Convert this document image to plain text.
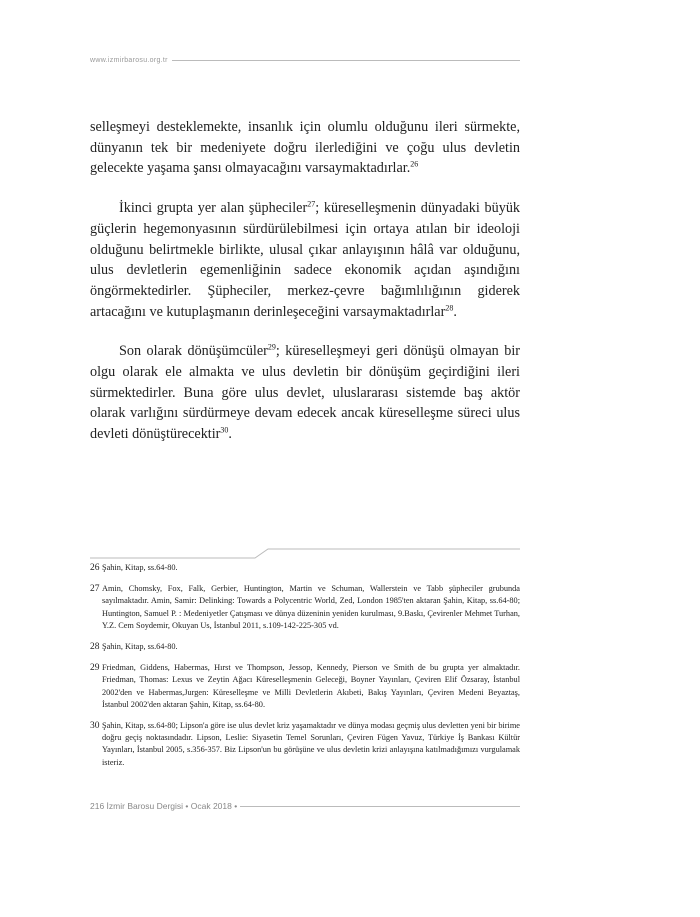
www.izmirbarosu.org.tr

selleşmeyi desteklemekte, insanlık için olumlu olduğunu ileri sürmekte, dünyanın tek bir medeniyete doğru ilerlediğini ve çoğu ulus devletin gelecekte yaşama şansı olmayacağını varsaymaktadırlar.$^{26}$

İkinci grupta yer alan şüpheciler$^{27}$; küreselleşmenin dünyadaki büyük güçlerin hegemonyasının sürdürülebilmesi için ortaya atılan bir ideoloji olduğunu belirtmekle birlikte, ulusal çıkar anlayışının hâlâ var olduğunu, ulus devletlerin egemenliğinin sadece ekonomik açıdan aşındığını öngörmektedirler. Şüpheciler, merkez-çevre bağımlılığının giderek artacağını ve kutuplaşmanın derinleşeceğini varsaymaktadırlar$^{28}$.

Son olarak dönüşümcüler$^{29}$; küreselleşmeyi geri dönüşü olmayan bir olgu olarak ele almakta ve ulus devletin bir dönüşüm geçirdiğini ileri sürmektedirler. Buna göre ulus devlet, uluslararası sistemde baş aktör olarak varlığını sürdürmeye devam edecek ancak küreselleşme süreci ulus devleti dönüştürecektir$^{30}$.

26 Şahin, Kitap, ss.64-80.
27 Amin, Chomsky, Fox, Falk, Gerbier, Huntington, Martin ve Schuman, Wallerstein ve Tabb şüpheciler grubunda sayılmaktadır. Amin, Samir: Delinking: Towards a Polycentric World, Zed, London 1985'ten aktaran Şahin, Kitap, ss.64-80; Huntington, Samuel P. : Medeniyetler Çatışması ve dünya düzeninin yeniden kurulması, 9.Baskı, Çevirenler Mehmet Turhan, Y.Z. Cem Soydemir, Okuyan Us, İstanbul 2011, s.109-142-225-305 vd.
28 Şahin, Kitap, ss.64-80.
29 Friedman, Giddens, Habermas, Hırst ve Thompson, Jessop, Kennedy, Pierson ve Smith de bu grupta yer almaktadır. Friedman, Thomas: Lexus ve Zeytin Ağacı Küreselleşmenin Geleceği, Boyner Yayınları, Çeviren Elif Özsaray, İstanbul 2002'den ve Habermas,Jurgen: Küreselleşme ve Milli Devletlerin Akıbeti, Bakış Yayınları, Çeviren Medeni Beyaztaş, İstanbul 2002'den aktaran Şahin, Kitap, ss.64-80.
30 Şahin, Kitap, ss.64-80; Lipson'a göre ise ulus devlet kriz yaşamaktadır ve dünya modası geçmiş ulus devletten yeni bir birime doğru geçiş noktasındadır. Lipson, Leslie: Siyasetin Temel Sorunları, Çeviren Fügen Yavuz, Türkiye İş Bankası Kültür Yayınları, İstanbul 2005, s.356-357. Biz Lipson'un bu görüşüne ve ulus devletin krizi anlayışına katılmadığımızı vurgulamak isteriz.
216 İzmir Barosu Dergisi • Ocak 2018 •
